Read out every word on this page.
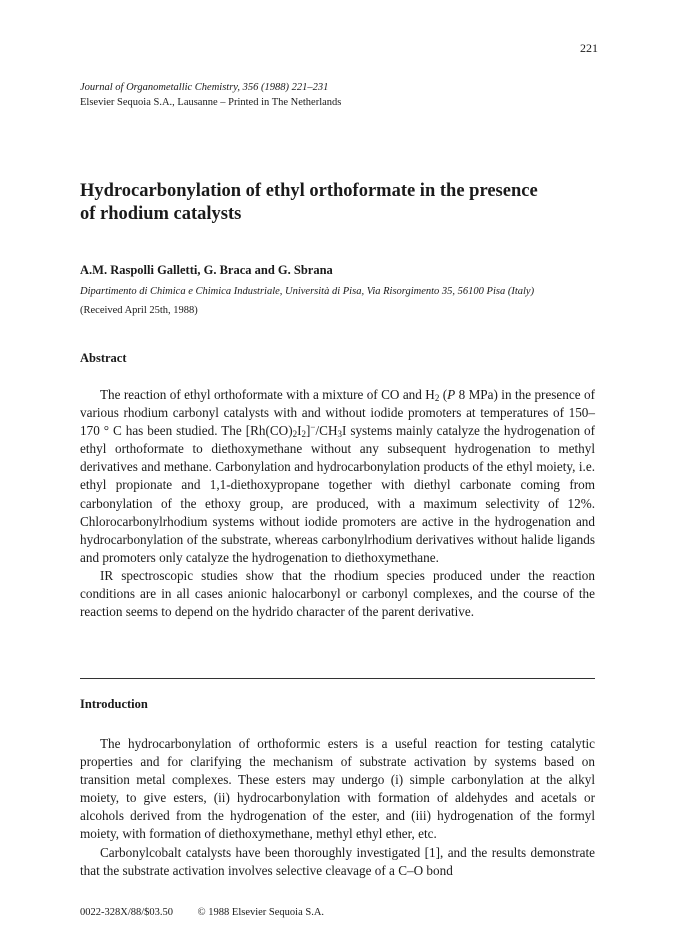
221
Journal of Organometallic Chemistry, 356 (1988) 221–231
Elsevier Sequoia S.A., Lausanne – Printed in The Netherlands
Hydrocarbonylation of ethyl orthoformate in the presence
of rhodium catalysts
A.M. Raspolli Galletti, G. Braca and G. Sbrana
Dipartimento di Chimica e Chimica Industriale, Università di Pisa, Via Risorgimento 35, 56100 Pisa (Italy)
(Received April 25th, 1988)
Abstract

The reaction of ethyl orthoformate with a mixture of CO and $H_2$ (P 8 MPa) in the presence of various rhodium carbonyl catalysts with and without iodide promoters at temperatures of 150–170 ° C has been studied. The $[Rh(CO)_2I_2]^-/CH_3I$ systems mainly catalyze the hydrogenation of ethyl orthoformate to diethoxymethane without any subsequent hydrogenation to methyl derivatives and methane. Carbonylation and hydrocarbonylation products of the ethyl moiety, i.e. ethyl propionate and 1,1-diethoxypropane together with diethyl carbonate coming from carbonylation of the ethoxy group, are produced, with a maximum selectivity of 12%. Chlorocarbonylrhodium systems without iodide promoters are active in the hydrogenation and hydrocarbonylation of the substrate, whereas carbonylrhodium derivatives without halide ligands and promoters only catalyze the hydrogenation to diethoxymethane.

IR spectroscopic studies show that the rhodium species produced under the reaction conditions are in all cases anionic halocarbonyl or carbonyl complexes, and the course of the reaction seems to depend on the hydrido character of the parent derivative.

Introduction

The hydrocarbonylation of orthoformic esters is a useful reaction for testing catalytic properties and for clarifying the mechanism of substrate activation by systems based on transition metal complexes. These esters may undergo (i) simple carbonylation at the alkyl moiety, to give esters, (ii) hydrocarbonylation with formation of aldehydes and acetals or alcohols derived from the hydrogenation of the ester, and (iii) hydrogenation of the formyl moiety, with formation of diethoxymethane, methyl ethyl ether, etc.

Carbonylcobalt catalysts have been thoroughly investigated [1], and the results demonstrate that the substrate activation involves selective cleavage of a C–O bond

0022-328X/88/$03.50 © 1988 Elsevier Sequoia S.A.
